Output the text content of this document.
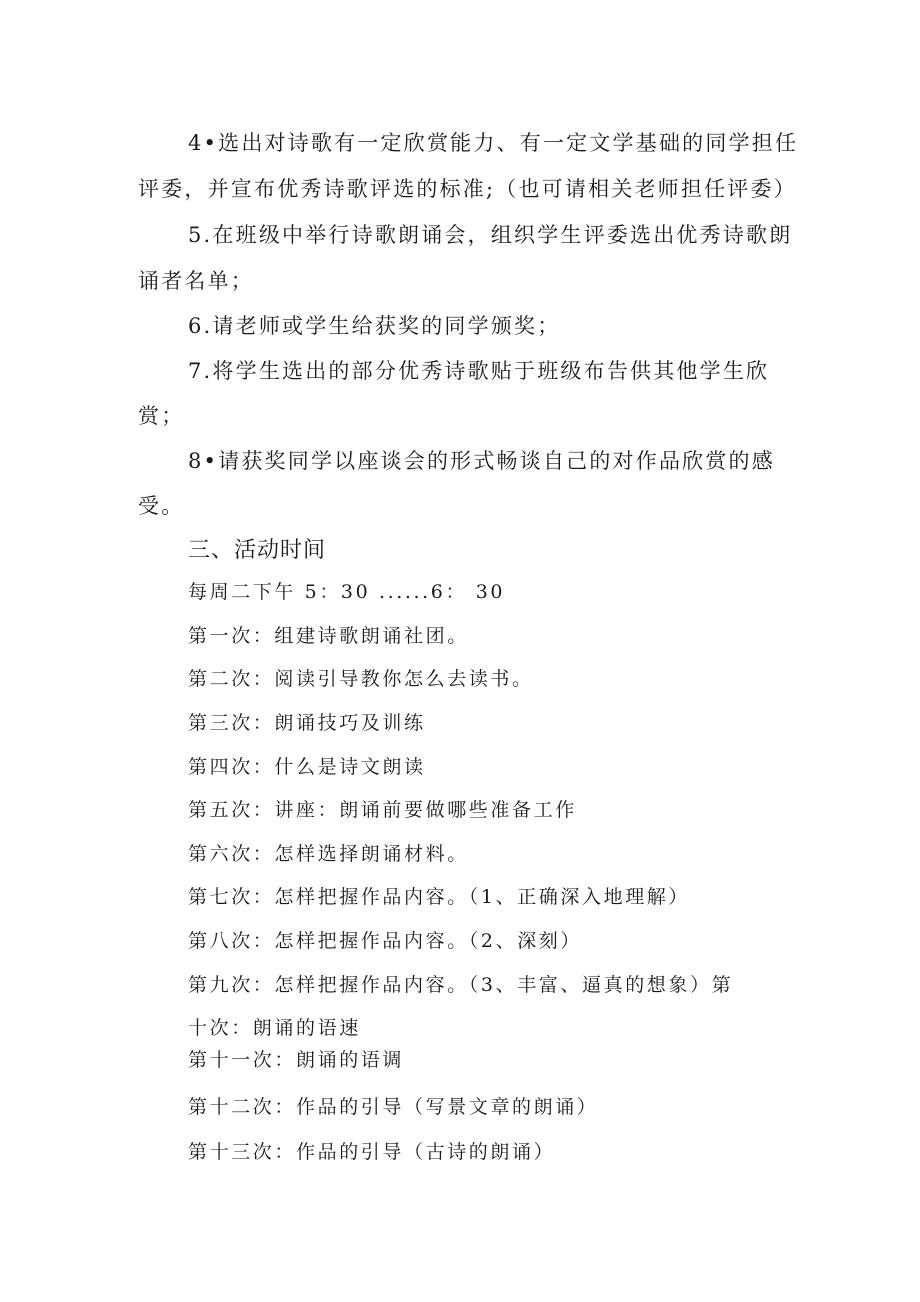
4•选出对诗歌有一定欣赏能力、有一定文学基础的同学担任
评委，并宣布优秀诗歌评选的标准;（也可请相关老师担任评委）
5.在班级中举行诗歌朗诵会，组织学生评委选出优秀诗歌朗
诵者名单；
6.请老师或学生给获奖的同学颁奖；
7.将学生选出的部分优秀诗歌贴于班级布告供其他学生欣
赏；
8•请获奖同学以座谈会的形式畅谈自己的对作品欣赏的感
受。
三、活动时间
每周二下午 5：30 ......6： 30
第一次：组建诗歌朗诵社团。
第二次：阅读引导教你怎么去读书。
第三次：朗诵技巧及训练
第四次：什么是诗文朗读
第五次：讲座：朗诵前要做哪些准备工作
第六次：怎样选择朗诵材料。
第七次：怎样把握作品内容。（1、正确深入地理解）
第八次：怎样把握作品内容。（2、深刻）
第九次：怎样把握作品内容。（3、丰富、逼真的想象）第
十次：朗诵的语速
第十一次：朗诵的语调
第十二次：作品的引导（写景文章的朗诵）
第十三次：作品的引导（古诗的朗诵）
